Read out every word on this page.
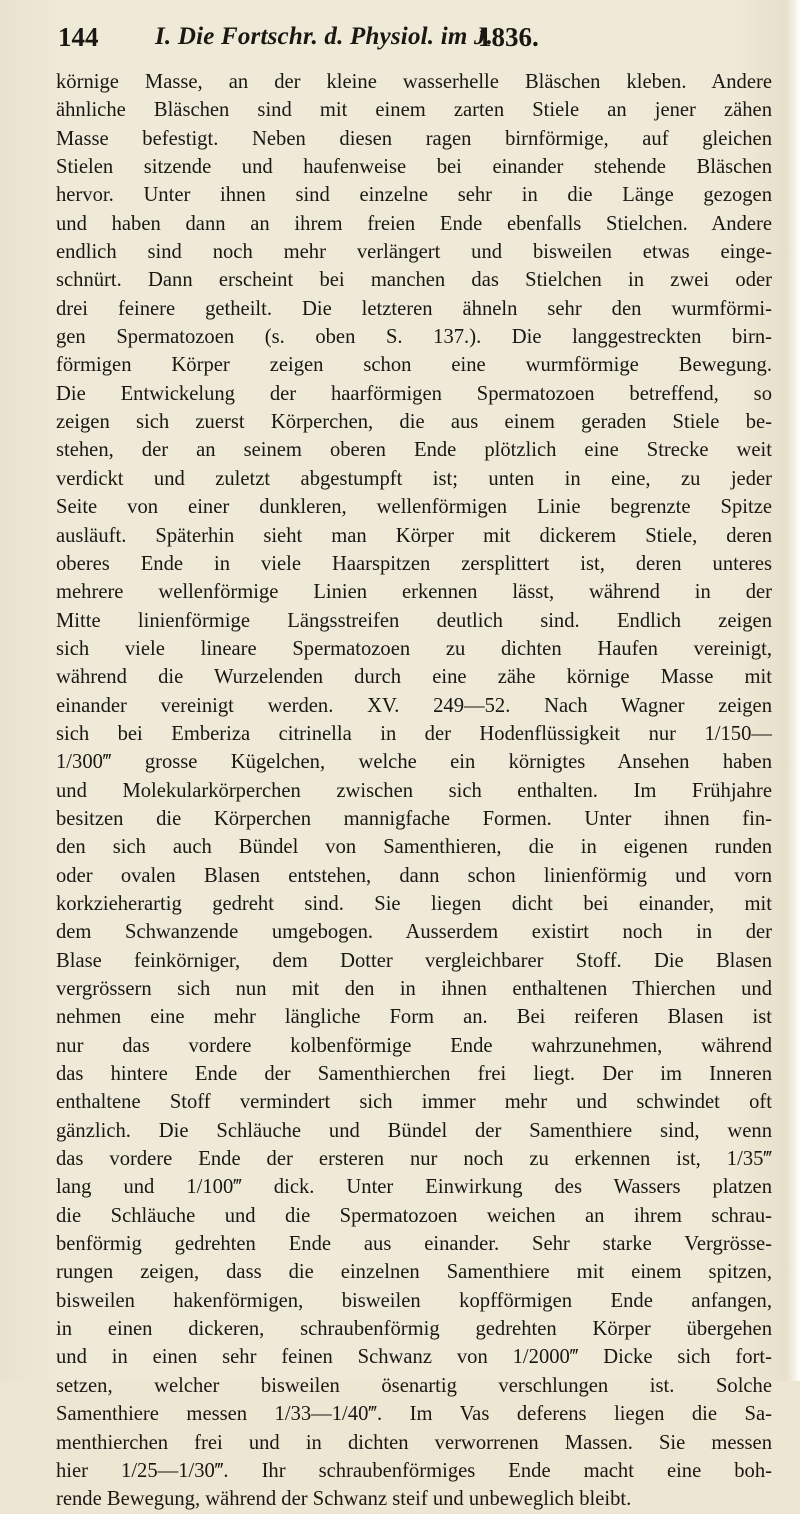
144 I. Die Fortschr. d. Physiol. im J.
1836.
körnige Masse, an der kleine wasserhelle Bläschen kleben. Andere
ähnliche Bläschen sind mit einem zarten Stiele an jener zähen
Masse befestigt. Neben diesen ragen birnförmige, auf gleichen
Stielen sitzende und haufenweise bei einander stehende Bläschen
hervor. Unter ihnen sind einzelne sehr in die Länge gezogen
und haben dann an ihrem freien Ende ebenfalls Stielchen. Andere
endlich sind noch mehr verlängert und bisweilen etwas einge-
schnürt. Dann erscheint bei manchen das Stielchen in zwei oder
drei feinere getheilt. Die letzteren ähneln sehr den wurmförmi-
gen Spermatozoen (s. oben S. 137.). Die langgestreckten birn-
förmigen Körper zeigen schon eine wurmförmige Bewegung.
Die Entwickelung der haarförmigen Spermatozoen betreffend, so
zeigen sich zuerst Körperchen, die aus einem geraden Stiele be-
stehen, der an seinem oberen Ende plötzlich eine Strecke weit
verdickt und zuletzt abgestumpft ist; unten in eine, zu jeder
Seite von einer dunkleren, wellenförmigen Linie begrenzte Spitze
ausläuft. Späterhin sieht man Körper mit dickerem Stiele, deren
oberes Ende in viele Haarspitzen zersplittert ist, deren unteres
mehrere wellenförmige Linien erkennen lässt, während in der
Mitte linienförmige Längsstreifen deutlich sind. Endlich zeigen
sich viele lineare Spermatozoen zu dichten Haufen vereinigt,
während die Wurzelenden durch eine zähe körnige Masse mit
einander vereinigt werden. XV. 249—52. Nach Wagner zeigen
sich bei Emberiza citrinella in der Hodenflüssigkeit nur 1/150—
1/300‴ grosse Kügelchen, welche ein körnigtes Ansehen haben
und Molekularkörperchen zwischen sich enthalten. Im Frühjahre
besitzen die Körperchen mannigfache Formen. Unter ihnen fin-
den sich auch Bündel von Samenthieren, die in eigenen runden
oder ovalen Blasen entstehen, dann schon linienförmig und vorn
korkzieherartig gedreht sind. Sie liegen dicht bei einander, mit
dem Schwanzende umgebogen. Ausserdem existirt noch in der
Blase feinkörniger, dem Dotter vergleichbarer Stoff. Die Blasen
vergrössern sich nun mit den in ihnen enthaltenen Thierchen und
nehmen eine mehr längliche Form an. Bei reiferen Blasen ist
nur das vordere kolbenförmige Ende wahrzunehmen, während
das hintere Ende der Samenthierchen frei liegt. Der im Inneren
enthaltene Stoff vermindert sich immer mehr und schwindet oft
gänzlich. Die Schläuche und Bündel der Samenthiere sind, wenn
das vordere Ende der ersteren nur noch zu erkennen ist, 1/35‴
lang und 1/100‴ dick. Unter Einwirkung des Wassers platzen
die Schläuche und die Spermatozoen weichen an ihrem schrau-
benförmig gedrehten Ende aus einander. Sehr starke Vergrösse-
rungen zeigen, dass die einzelnen Samenthiere mit einem spitzen,
bisweilen hakenförmigen, bisweilen kopfförmigen Ende anfangen,
in einen dickeren, schraubenförmig gedrehten Körper übergehen
und in einen sehr feinen Schwanz von 1/2000‴ Dicke sich fort-
setzen, welcher bisweilen ösenartig verschlungen ist. Solche
Samenthiere messen 1/33—1/40‴. Im Vas deferens liegen die Sa-
menthierchen frei und in dichten verworrenen Massen. Sie messen
hier 1/25—1/30‴. Ihr schraubenförmiges Ende macht eine boh-
rende Bewegung, während der Schwanz steif und unbeweglich bleibt.
